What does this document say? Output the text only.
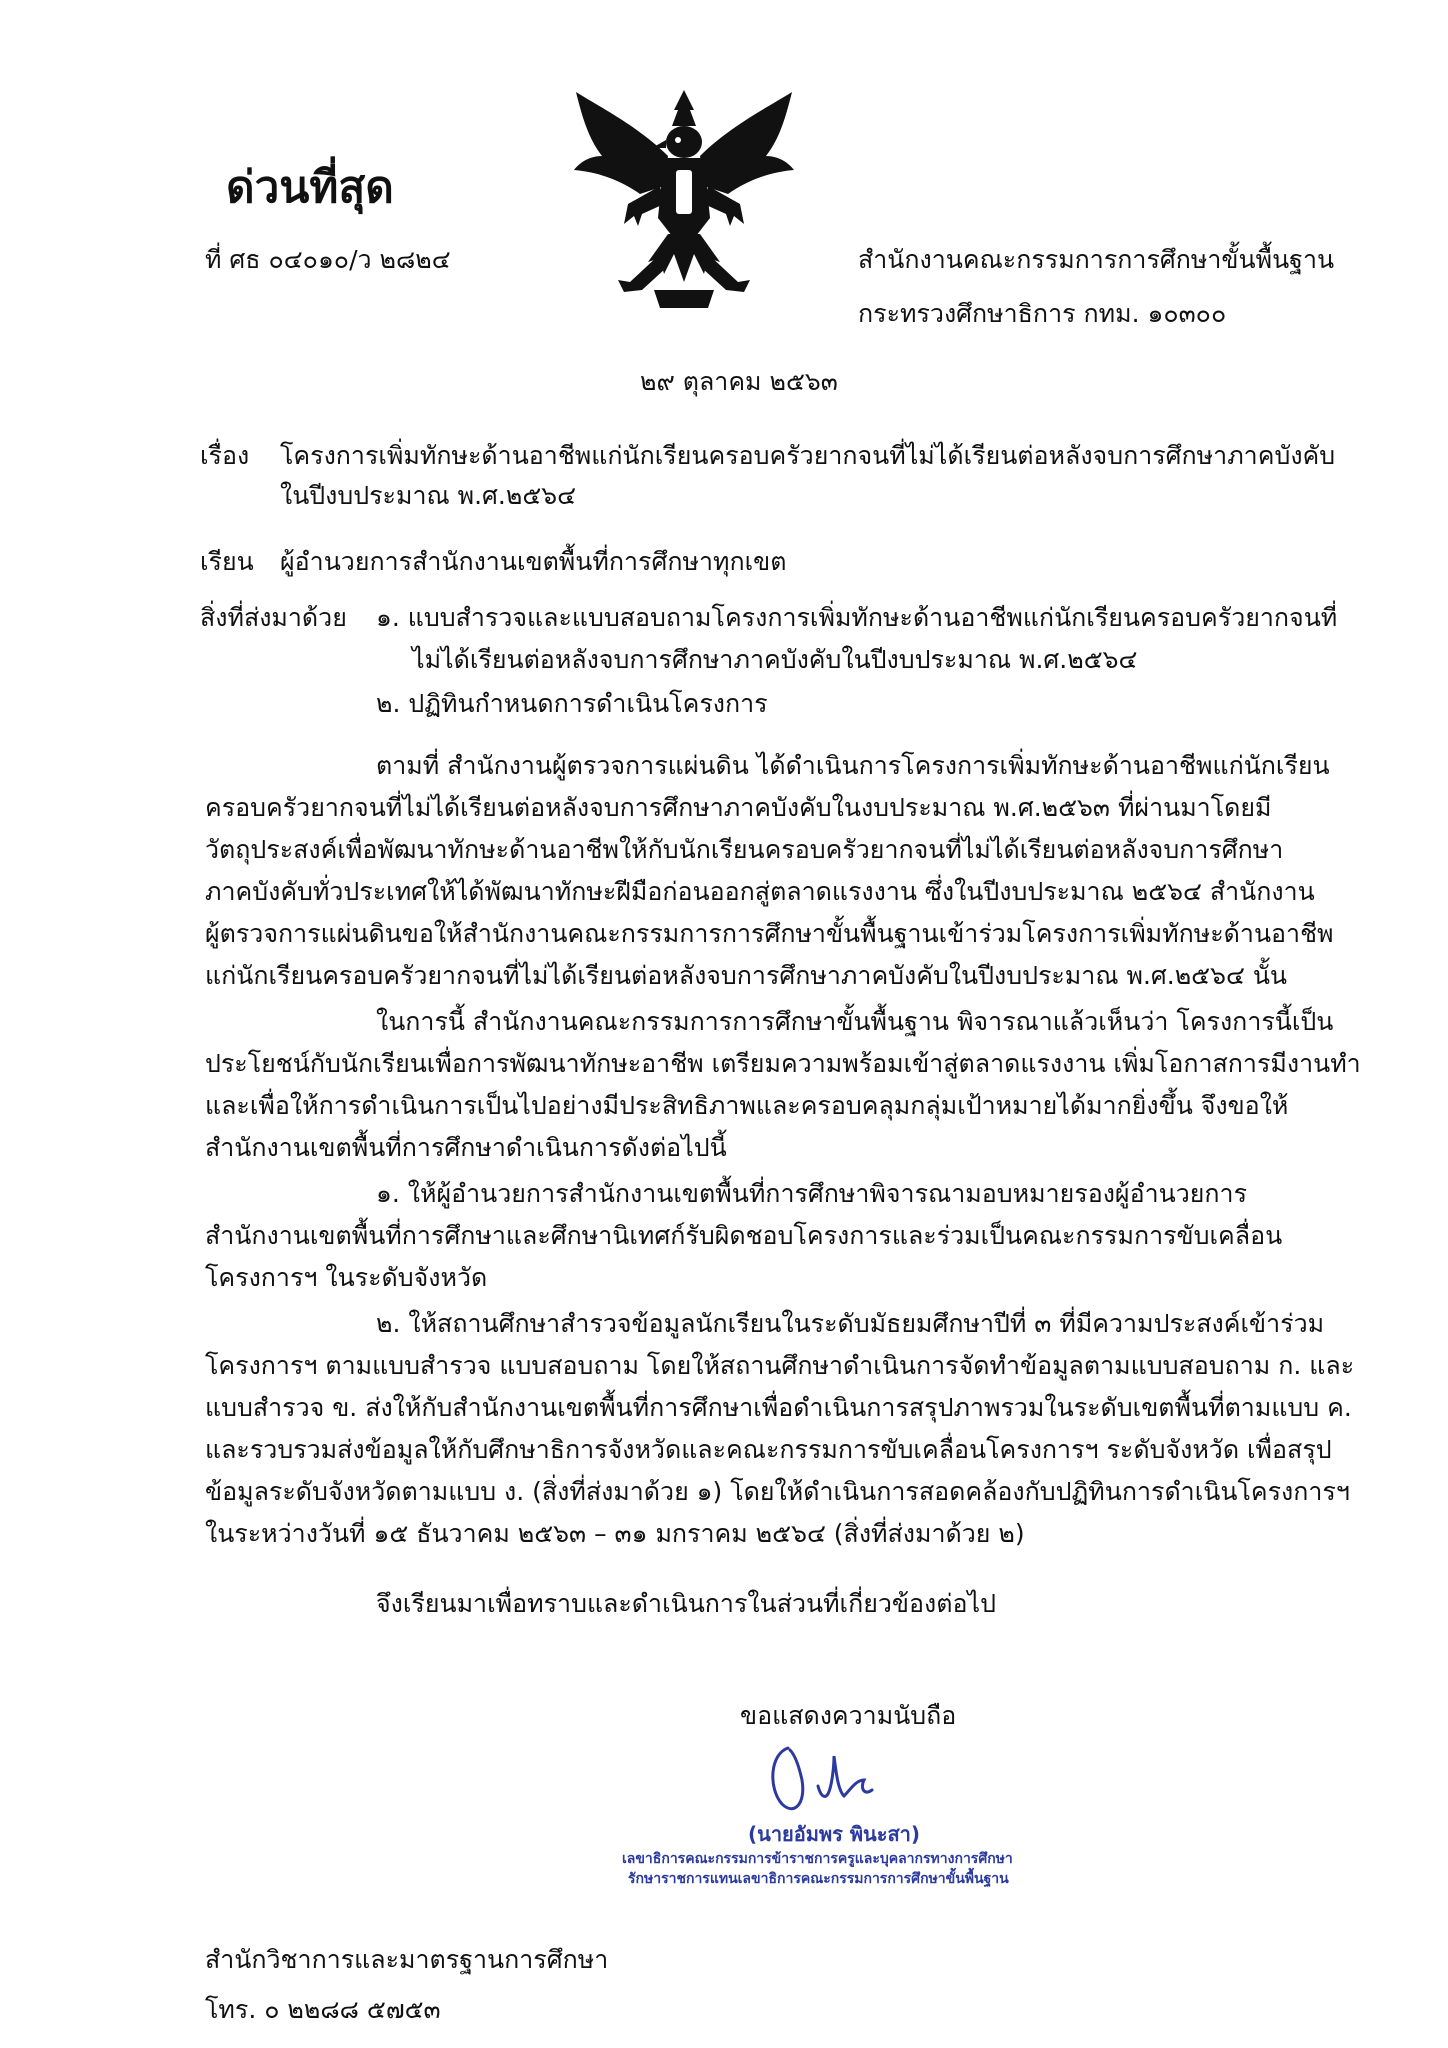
ด่วนที่สุด
ที่ ศธ ๐๔๐๑๐/ว ๒๘๒๔	สำนักงานคณะกรรมการการศึกษาขั้นพื้นฐาน
กระทรวงศึกษาธิการ กทม. ๑๐๓๐๐
๒๙ ตุลาคม ๒๕๖๓
เรื่อง โครงการเพิ่มทักษะด้านอาชีพแก่นักเรียนครอบครัวยากจนที่ไม่ได้เรียนต่อหลังจบการศึกษาภาคบังคับ
ในปีงบประมาณ พ.ศ.๒๕๖๔
เรียน ผู้อำนวยการสำนักงานเขตพื้นที่การศึกษาทุกเขต
สิ่งที่ส่งมาด้วย ๑. แบบสำรวจและแบบสอบถามโครงการเพิ่มทักษะด้านอาชีพแก่นักเรียนครอบครัวยากจนที่
ไม่ได้เรียนต่อหลังจบการศึกษาภาคบังคับในปีงบประมาณ พ.ศ.๒๕๖๔
๒. ปฏิทินกำหนดการดำเนินโครงการ
ตามที่ สำนักงานผู้ตรวจการแผ่นดิน ได้ดำเนินการโครงการเพิ่มทักษะด้านอาชีพแก่นักเรียน
ครอบครัวยากจนที่ไม่ได้เรียนต่อหลังจบการศึกษาภาคบังคับในงบประมาณ พ.ศ.๒๕๖๓ ที่ผ่านมาโดยมี
วัตถุประสงค์เพื่อพัฒนาทักษะด้านอาชีพให้กับนักเรียนครอบครัวยากจนที่ไม่ได้เรียนต่อหลังจบการศึกษา
ภาคบังคับทั่วประเทศให้ได้พัฒนาทักษะฝีมือก่อนออกสู่ตลาดแรงงาน ซึ่งในปีงบประมาณ ๒๕๖๔ สำนักงาน
ผู้ตรวจการแผ่นดินขอให้สำนักงานคณะกรรมการการศึกษาขั้นพื้นฐานเข้าร่วมโครงการเพิ่มทักษะด้านอาชีพ
แก่นักเรียนครอบครัวยากจนที่ไม่ได้เรียนต่อหลังจบการศึกษาภาคบังคับในปีงบประมาณ พ.ศ.๒๕๖๔ นั้น
ในการนี้ สำนักงานคณะกรรมการการศึกษาขั้นพื้นฐาน พิจารณาแล้วเห็นว่า โครงการนี้เป็น
ประโยชน์กับนักเรียนเพื่อการพัฒนาทักษะอาชีพ เตรียมความพร้อมเข้าสู่ตลาดแรงงาน เพิ่มโอกาสการมีงานทำ
และเพื่อให้การดำเนินการเป็นไปอย่างมีประสิทธิภาพและครอบคลุมกลุ่มเป้าหมายได้มากยิ่งขึ้น จึงขอให้
สำนักงานเขตพื้นที่การศึกษาดำเนินการดังต่อไปนี้
๑. ให้ผู้อำนวยการสำนักงานเขตพื้นที่การศึกษาพิจารณามอบหมายรองผู้อำนวยการ
สำนักงานเขตพื้นที่การศึกษาและศึกษานิเทศก์รับผิดชอบโครงการและร่วมเป็นคณะกรรมการขับเคลื่อน
โครงการฯ ในระดับจังหวัด
๒. ให้สถานศึกษาสำรวจข้อมูลนักเรียนในระดับมัธยมศึกษาปีที่ ๓ ที่มีความประสงค์เข้าร่วม
โครงการฯ ตามแบบสำรวจ แบบสอบถาม โดยให้สถานศึกษาดำเนินการจัดทำข้อมูลตามแบบสอบถาม ก. และ
แบบสำรวจ ข. ส่งให้กับสำนักงานเขตพื้นที่การศึกษาเพื่อดำเนินการสรุปภาพรวมในระดับเขตพื้นที่ตามแบบ ค.
และรวบรวมส่งข้อมูลให้กับศึกษาธิการจังหวัดและคณะกรรมการขับเคลื่อนโครงการฯ ระดับจังหวัด เพื่อสรุป
ข้อมูลระดับจังหวัดตามแบบ ง. (สิ่งที่ส่งมาด้วย ๑) โดยให้ดำเนินการสอดคล้องกับปฏิทินการดำเนินโครงการฯ
ในระหว่างวันที่ ๑๕ ธันวาคม ๒๕๖๓ – ๓๑ มกราคม ๒๕๖๔ (สิ่งที่ส่งมาด้วย ๒)
จึงเรียนมาเพื่อทราบและดำเนินการในส่วนที่เกี่ยวข้องต่อไป
ขอแสดงความนับถือ
(นายอัมพร พินะสา)
เลขาธิการคณะกรรมการข้าราชการครูและบุคลากรทางการศึกษา
รักษาราชการแทนเลขาธิการคณะกรรมการการศึกษาขั้นพื้นฐาน
สำนักวิชาการและมาตรฐานการศึกษา
โทร. ๐ ๒๒๘๘ ๕๗๕๓
